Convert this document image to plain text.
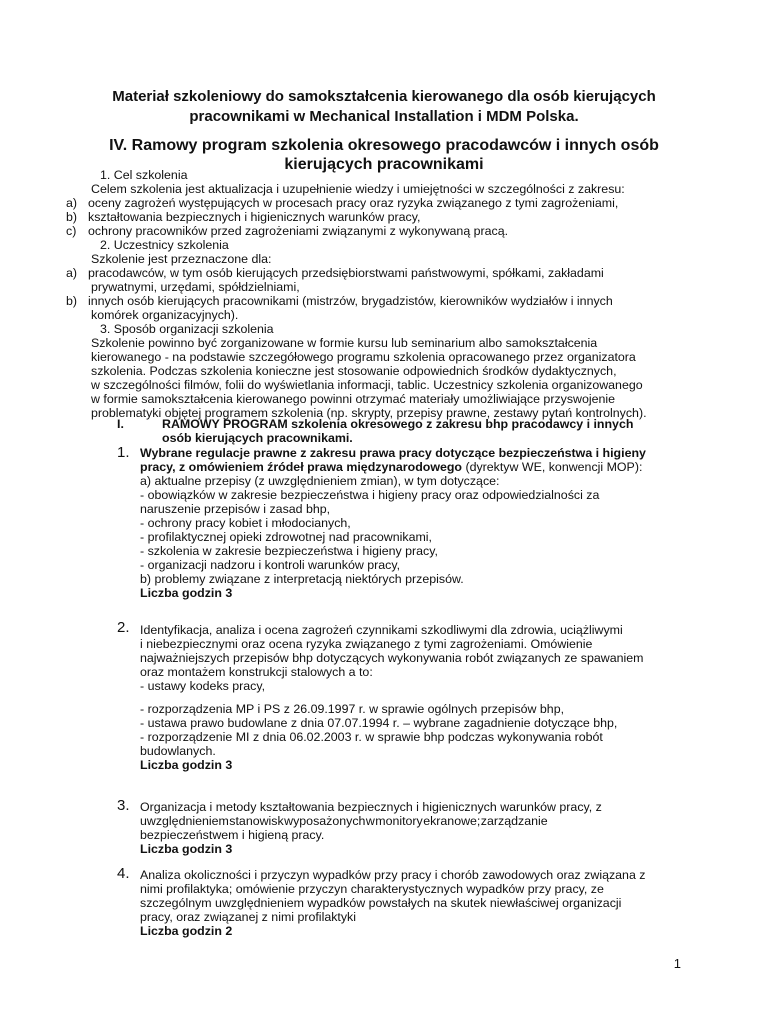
Materiał szkoleniowy do samokształcenia kierowanego dla osób kierujących
pracownikami w Mechanical Installation i MDM Polska.
IV. Ramowy program szkolenia okresowego pracodawców i innych osób
kierujących pracownikami
1. Cel szkolenia
Celem szkolenia jest aktualizacja i uzupełnienie wiedzy i umiejętności w szczególności z zakresu:
a) oceny zagrożeń występujących w procesach pracy oraz ryzyka związanego z tymi zagrożeniami,
b) kształtowania bezpiecznych i higienicznych warunków pracy,
c) ochrony pracowników przed zagrożeniami związanymi z wykonywaną pracą.
2. Uczestnicy szkolenia
Szkolenie jest przeznaczone dla:
a) pracodawców, w tym osób kierujących przedsiębiorstwami państwowymi, spółkami, zakładami
prywatnymi, urzędami, spółdzielniami,
b) innych osób kierujących pracownikami (mistrzów, brygadzistów, kierowników wydziałów i innych
komórek organizacyjnych).
3. Sposób organizacji szkolenia
Szkolenie powinno być zorganizowane w formie kursu lub seminarium albo samokształcenia
kierowanego - na podstawie szczegółowego programu szkolenia opracowanego przez organizatora
szkolenia. Podczas szkolenia konieczne jest stosowanie odpowiednich środków dydaktycznych,
w szczególności filmów, folii do wyświetlania informacji, tablic. Uczestnicy szkolenia organizowanego
w formie samokształcenia kierowanego powinni otrzymać materiały umożliwiające przyswojenie
problematyki objętej programem szkolenia (np. skrypty, przepisy prawne, zestawy pytań kontrolnych).
I.	RAMOWY PROGRAM szkolenia okresowego z zakresu bhp pracodawcy i innych
osób kierujących pracownikami.
1. Wybrane regulacje prawne z zakresu prawa pracy dotyczące bezpieczeństwa i higieny
pracy, z omówieniem źródeł prawa międzynarodowego (dyrektyw WE, konwencji MOP):
a) aktualne przepisy (z uwzględnieniem zmian), w tym dotyczące:
- obowiązków w zakresie bezpieczeństwa i higieny pracy oraz odpowiedzialności za
naruszenie przepisów i zasad bhp,
- ochrony pracy kobiet i młodocianych,
- profilaktycznej opieki zdrowotnej nad pracownikami,
- szkolenia w zakresie bezpieczeństwa i higieny pracy,
- organizacji nadzoru i kontroli warunków pracy,
b) problemy związane z interpretacją niektórych przepisów.
Liczba godzin 3
2. Identyfikacja, analiza i ocena zagrożeń czynnikami szkodliwymi dla zdrowia, uciążliwymi
i niebezpiecznymi oraz ocena ryzyka związanego z tymi zagrożeniami. Omówienie
najważniejszych przepisów bhp dotyczących wykonywania robót związanych ze spawaniem
oraz montażem konstrukcji stalowych a to:
- ustawy kodeks pracy,
- rozporządzenia MP i PS z 26.09.1997 r. w sprawie ogólnych przepisów bhp,
- ustawa prawo budowlane z dnia 07.07.1994 r. – wybrane zagadnienie dotyczące bhp,
- rozporządzenie MI z dnia 06.02.2003 r. w sprawie bhp podczas wykonywania robót
budowlanych.
Liczba godzin 3
3. Organizacja i metody kształtowania bezpiecznych i higienicznych warunków pracy, z
uwzględnieniem stanowisk wyposażonych w monitory ekranowe; zarządzanie
bezpieczeństwem i higieną pracy.
Liczba godzin 3
4. Analiza okoliczności i przyczyn wypadków przy pracy i chorób zawodowych oraz związana z
nimi profilaktyka; omówienie przyczyn charakterystycznych wypadków przy pracy, ze
szczególnym uwzględnieniem wypadków powstałych na skutek niewłaściwej organizacji
pracy, oraz związanej z nimi profilaktyki
Liczba godzin 2
1
